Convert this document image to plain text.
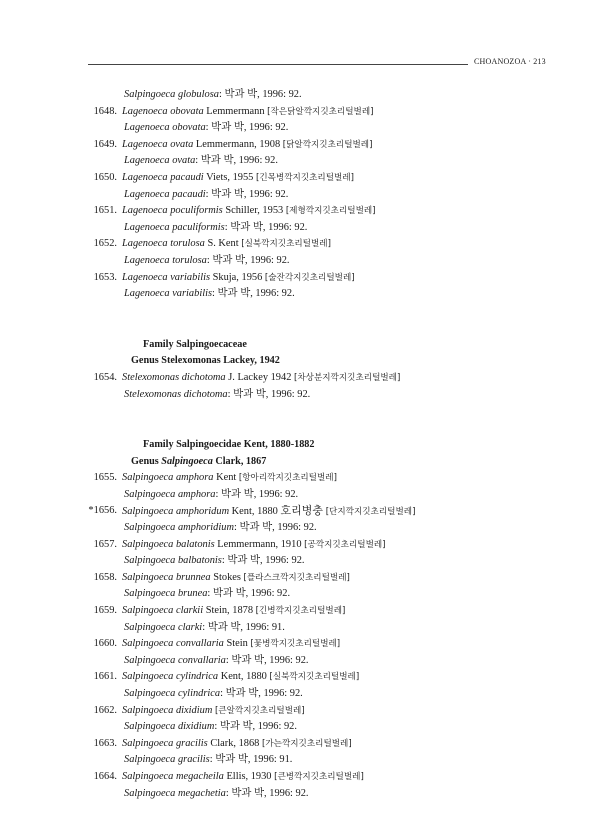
CHOANOZOA · 213
Salpingoeca globulosa: 박과 박, 1996: 92.
1648. Lagenoeca obovata Lemmermann [작은닭알깍지깃초리털벌레]
Lagenoeca obovata: 박과 박, 1996: 92.
1649. Lagenoeca ovata Lemmermann, 1908 [닭알깍지깃초리털벌레]
Lagenoeca ovata: 박과 박, 1996: 92.
1650. Lagenoeca pacaudi Viets, 1955 [긴목병깍지깃초리털벌레]
Lagenoeca pacaudi: 박과 박, 1996: 92.
1651. Lagenoeca poculiformis Schiller, 1953 [제형깍지깃초리털벌레]
Lagenoeca paculiformis: 박과 박, 1996: 92.
1652. Lagenoeca torulosa S. Kent [실북깍지깃초리털벌레]
Lagenoeca torulosa: 박과 박, 1996: 92.
1653. Lagenoeca variabilis Skuja, 1956 [술잔각지깃초리털벌레]
Lagenoeca variabilis: 박과 박, 1996: 92.
Family Salpingoecaceae
Genus Stelexomonas Lackey, 1942
1654. Stelexomonas dichotoma J. Lackey 1942 [차상분지깍지깃초리털벌레]
Stelexomonas dichotoma: 박과 박, 1996: 92.
Family Salpingoecidae Kent, 1880-1882
Genus Salpingoeca Clark, 1867
1655. Salpingoeca amphora Kent [항아리깍지깃초리털벌레]
Salpingoeca amphora: 박과 박, 1996: 92.
*1656. Salpingoeca amphoridum Kent, 1880 호리병충 [단지깍지깃초리털벌레]
Salpingoeca amphoridium: 박과 박, 1996: 92.
1657. Salpingoeca balatonis Lemmermann, 1910 [공깍지깃초리털벌레]
Salpingoeca balbatonis: 박과 박, 1996: 92.
1658. Salpingoeca brunnea Stokes [플라스크깍지깃초리털벌레]
Salpingoeca brunea: 박과 박, 1996: 92.
1659. Salpingoeca clarkii Stein, 1878 [긴병깍지깃초리털벌레]
Salpingoeca clarki: 박과 박, 1996: 91.
1660. Salpingoeca convallaria Stein [꽃병깍지깃초리털벌레]
Salpingoeca convallaria: 박과 박, 1996: 92.
1661. Salpingoeca cylindrica Kent, 1880 [실북깍지깃초리털벌레]
Salpingoeca cylindrica: 박과 박, 1996: 92.
1662. Salpingoeca dixidium [큰알깍지깃초리털벌레]
Salpingoeca dixidium: 박과 박, 1996: 92.
1663. Salpingoeca gracilis Clark, 1868 [가는깍지깃초리털벌레]
Salpingoeca gracilis: 박과 박, 1996: 91.
1664. Salpingoeca megacheila Ellis, 1930 [큰병깍지깃초리털벌레]
Salpingoeca megachetia: 박과 박, 1996: 92.
